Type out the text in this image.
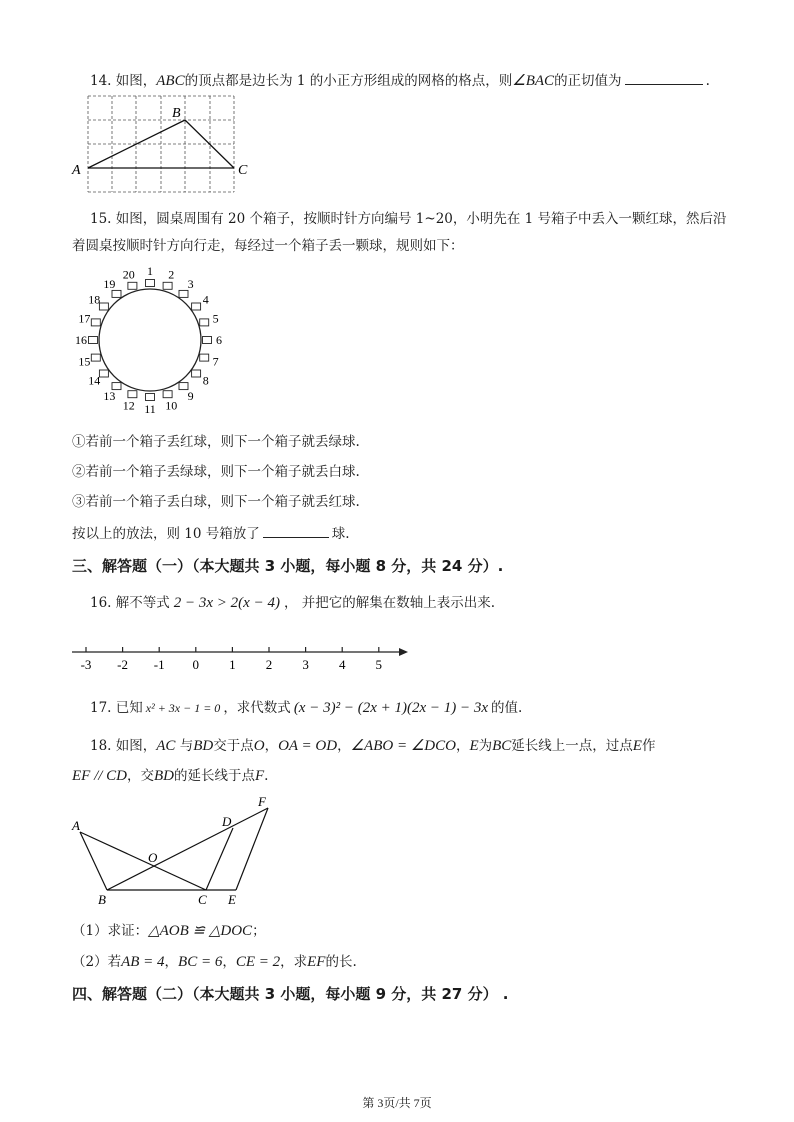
14. 如图，ABC的顶点都是边长为 1 的小正方形组成的网格的格点，则∠BAC的正切值为	.
A
B
C
15. 如图，圆桌周围有 20 个箱子，按顺时针方向编号 1~20，小明先在 1 号箱子中丢入一颗红球，然后沿
着圆桌按顺时针方向行走，每经过一个箱子丢一颗球，规则如下：
1 2
3
4
5
6
7
8
9
10
11
12
13
14
15
16
17
18
19
20
①若前一个箱子丢红球，则下一个箱子就丢绿球.
②若前一个箱子丢绿球，则下一个箱子就丢白球.
③若前一个箱子丢白球，则下一个箱子就丢红球.
按以上的放法，则 10 号箱放了	球.
三、解答题（一）（本大题共 3 小题，每小题 8 分，共 24 分）.
16. 解不等式 2 − 3x > 2(x − 4) ， 并把它的解集在数轴上表示出来.
-3 -2 -1 0 1 2 3 4 5
17. 已知 x² + 3x − 1 = 0 ，求代数式 (x − 3)² − (2x + 1)(2x − 1) − 3x 的值.
18. 如图，AC 与BD交于点O，OA = OD，∠ABO = ∠DCO，E为BC延长线上一点，过点E作
EF // CD，交BD的延长线于点F.
A	D
F
O
B	C E
（1）求证：△AOB ≌ △DOC；
（2）若AB = 4，BC = 6，CE = 2，求EF的长.
四、解答题（二）（本大题共 3 小题，每小题 9 分，共 27 分） .
第 3页/共 7页
